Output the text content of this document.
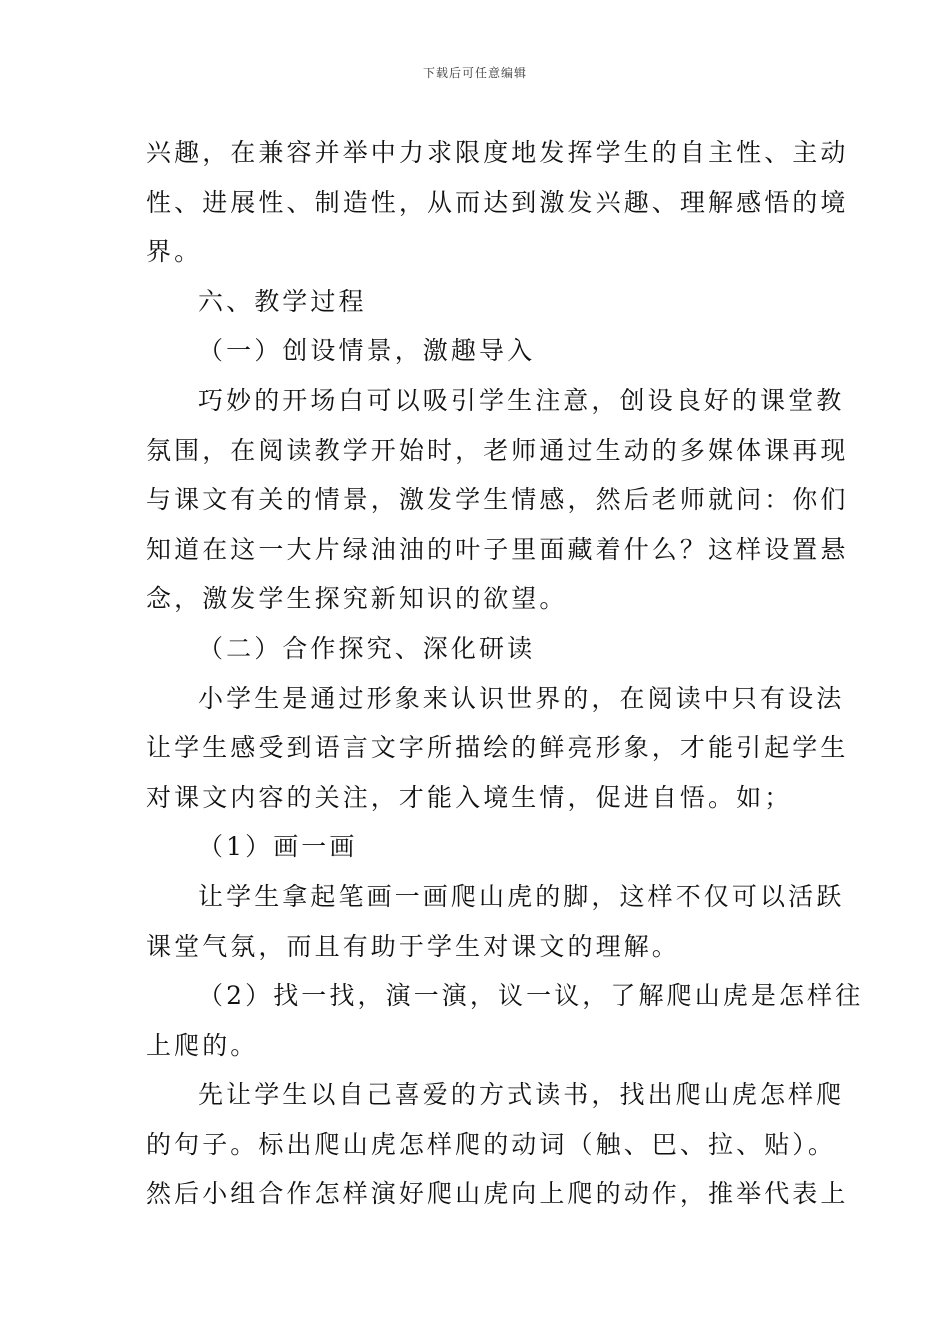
下载后可任意编辑

兴趣，在兼容并举中力求限度地发挥学生的自主性、主动

性、进展性、制造性，从而达到激发兴趣、理解感悟的境

界。

六、教学过程

（一）创设情景，激趣导入

巧妙的开场白可以吸引学生注意，创设良好的课堂教

氛围，在阅读教学开始时，老师通过生动的多媒体课再现

与课文有关的情景，激发学生情感，然后老师就问：你们

知道在这一大片绿油油的叶子里面藏着什么？这样设置悬

念，激发学生探究新知识的欲望。

（二）合作探究、深化研读

小学生是通过形象来认识世界的，在阅读中只有设法

让学生感受到语言文字所描绘的鲜亮形象，才能引起学生

对课文内容的关注，才能入境生情，促进自悟。如；

（1）画一画

让学生拿起笔画一画爬山虎的脚，这样不仅可以活跃

课堂气氛，而且有助于学生对课文的理解。

（2）找一找，演一演，议一议，了解爬山虎是怎样往

上爬的。

先让学生以自己喜爱的方式读书，找出爬山虎怎样爬

的句子。标出爬山虎怎样爬的动词（触、巴、拉、贴）。

然后小组合作怎样演好爬山虎向上爬的动作，推举代表上
